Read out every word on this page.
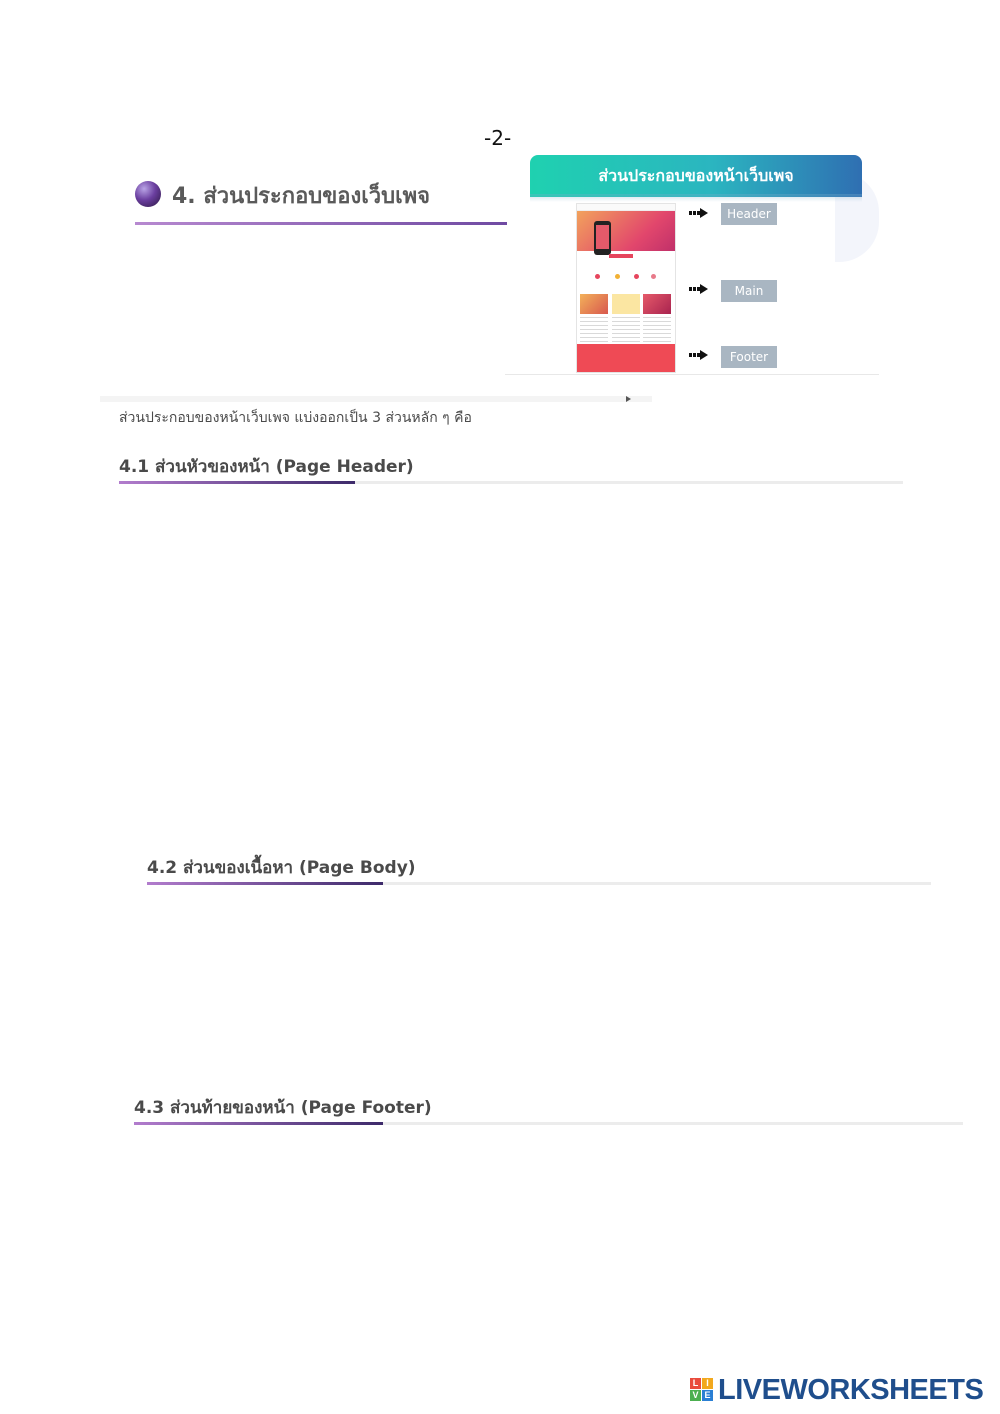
-2-
4. ส่วนประกอบของเว็บเพจ
ส่วนประกอบของหน้าเว็บเพจ
Header
Main
Footer
ส่วนประกอบของหน้าเว็บเพจ แบ่งออกเป็น 3 ส่วนหลัก ๆ คือ
4.1 ส่วนหัวของหน้า (Page Header)
4.2 ส่วนของเนื้อหา (Page Body)
4.3 ส่วนท้ายของหน้า (Page Footer)
L I
V E LIVEWORKSHEETS
